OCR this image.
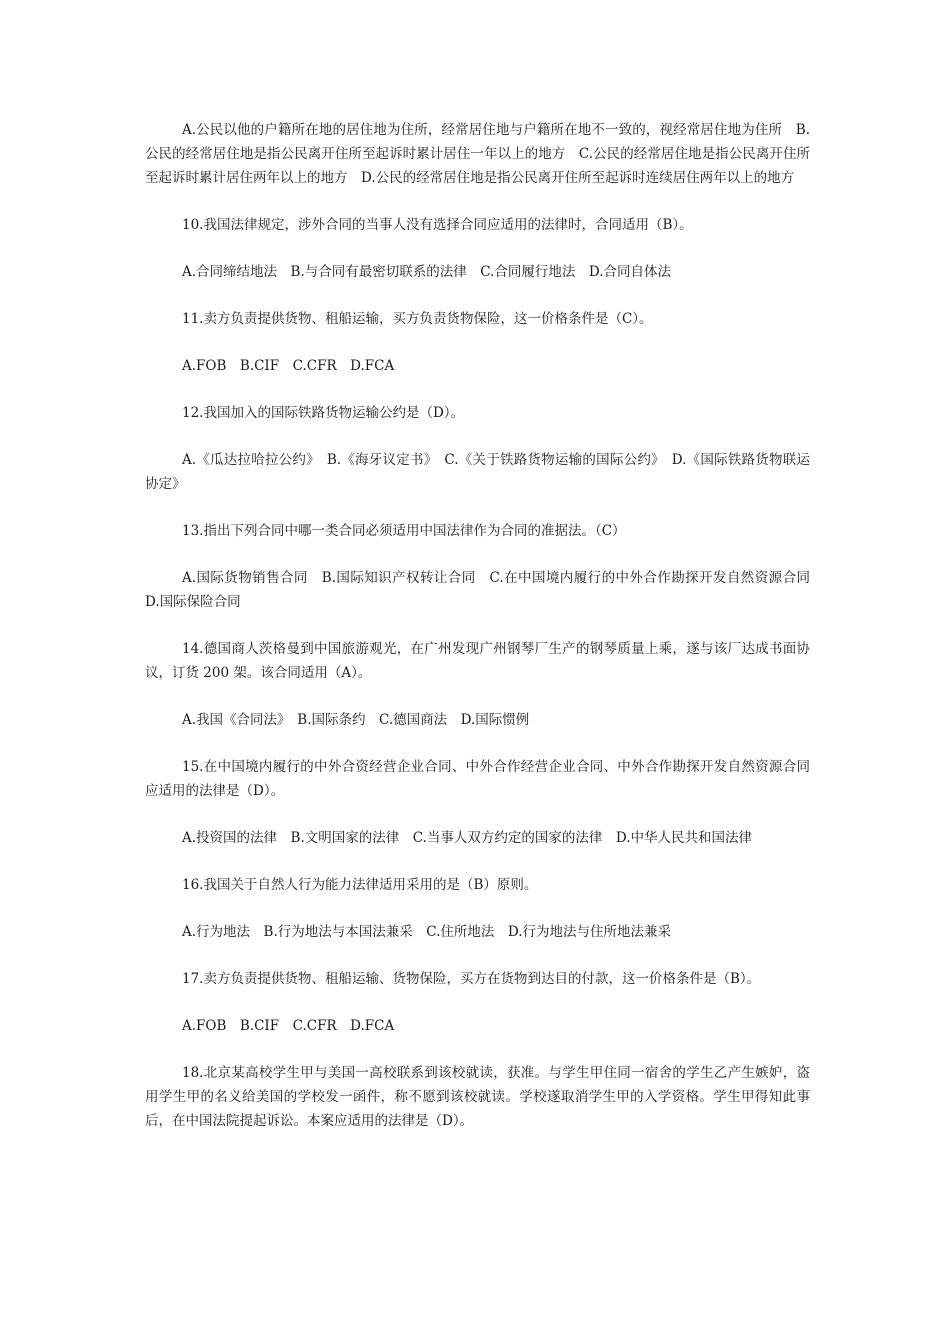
A.公民以他的户籍所在地的居住地为住所，经常居住地与户籍所在地不一致的，视经常居住地为住所　B.公民的经常居住地是指公民离开住所至起诉时累计居住一年以上的地方　C.公民的经常居住地是指公民离开住所至起诉时累计居住两年以上的地方　D.公民的经常居住地是指公民离开住所至起诉时连续居住两年以上的地方

10.我国法律规定，涉外合同的当事人没有选择合同应适用的法律时，合同适用（B）。

A.合同缔结地法　B.与合同有最密切联系的法律　C.合同履行地法　D.合同自体法

11.卖方负责提供货物、租船运输，买方负责货物保险，这一价格条件是（C）。

A.FOB　B.CIF　C.CFR　D.FCA

12.我国加入的国际铁路货物运输公约是（D）。

A.《瓜达拉哈拉公约》　B.《海牙议定书》　C.《关于铁路货物运输的国际公约》　D.《国际铁路货物联运协定》

13.指出下列合同中哪一类合同必须适用中国法律作为合同的准据法。（C）

A.国际货物销售合同　B.国际知识产权转让合同　C.在中国境内履行的中外合作勘探开发自然资源合同　D.国际保险合同

14.德国商人茨格曼到中国旅游观光，在广州发现广州钢琴厂生产的钢琴质量上乘，遂与该厂达成书面协议，订货 200 架。该合同适用（A）。

A.我国《合同法》　B.国际条约　C.德国商法　D.国际惯例

15.在中国境内履行的中外合资经营企业合同、中外合作经营企业合同、中外合作勘探开发自然资源合同应适用的法律是（D）。

A.投资国的法律　B.文明国家的法律　C.当事人双方约定的国家的法律　D.中华人民共和国法律

16.我国关于自然人行为能力法律适用采用的是（B）原则。

A.行为地法　B.行为地法与本国法兼采　C.住所地法　D.行为地法与住所地法兼采

17.卖方负责提供货物、租船运输、货物保险，买方在货物到达目的付款，这一价格条件是（B）。

A.FOB　B.CIF　C.CFR　D.FCA

18.北京某高校学生甲与美国一高校联系到该校就读，获准。与学生甲住同一宿舍的学生乙产生嫉妒，盗用学生甲的名义给美国的学校发一函件，称不愿到该校就读。学校遂取消学生甲的入学资格。学生甲得知此事后，在中国法院提起诉讼。本案应适用的法律是（D）。
